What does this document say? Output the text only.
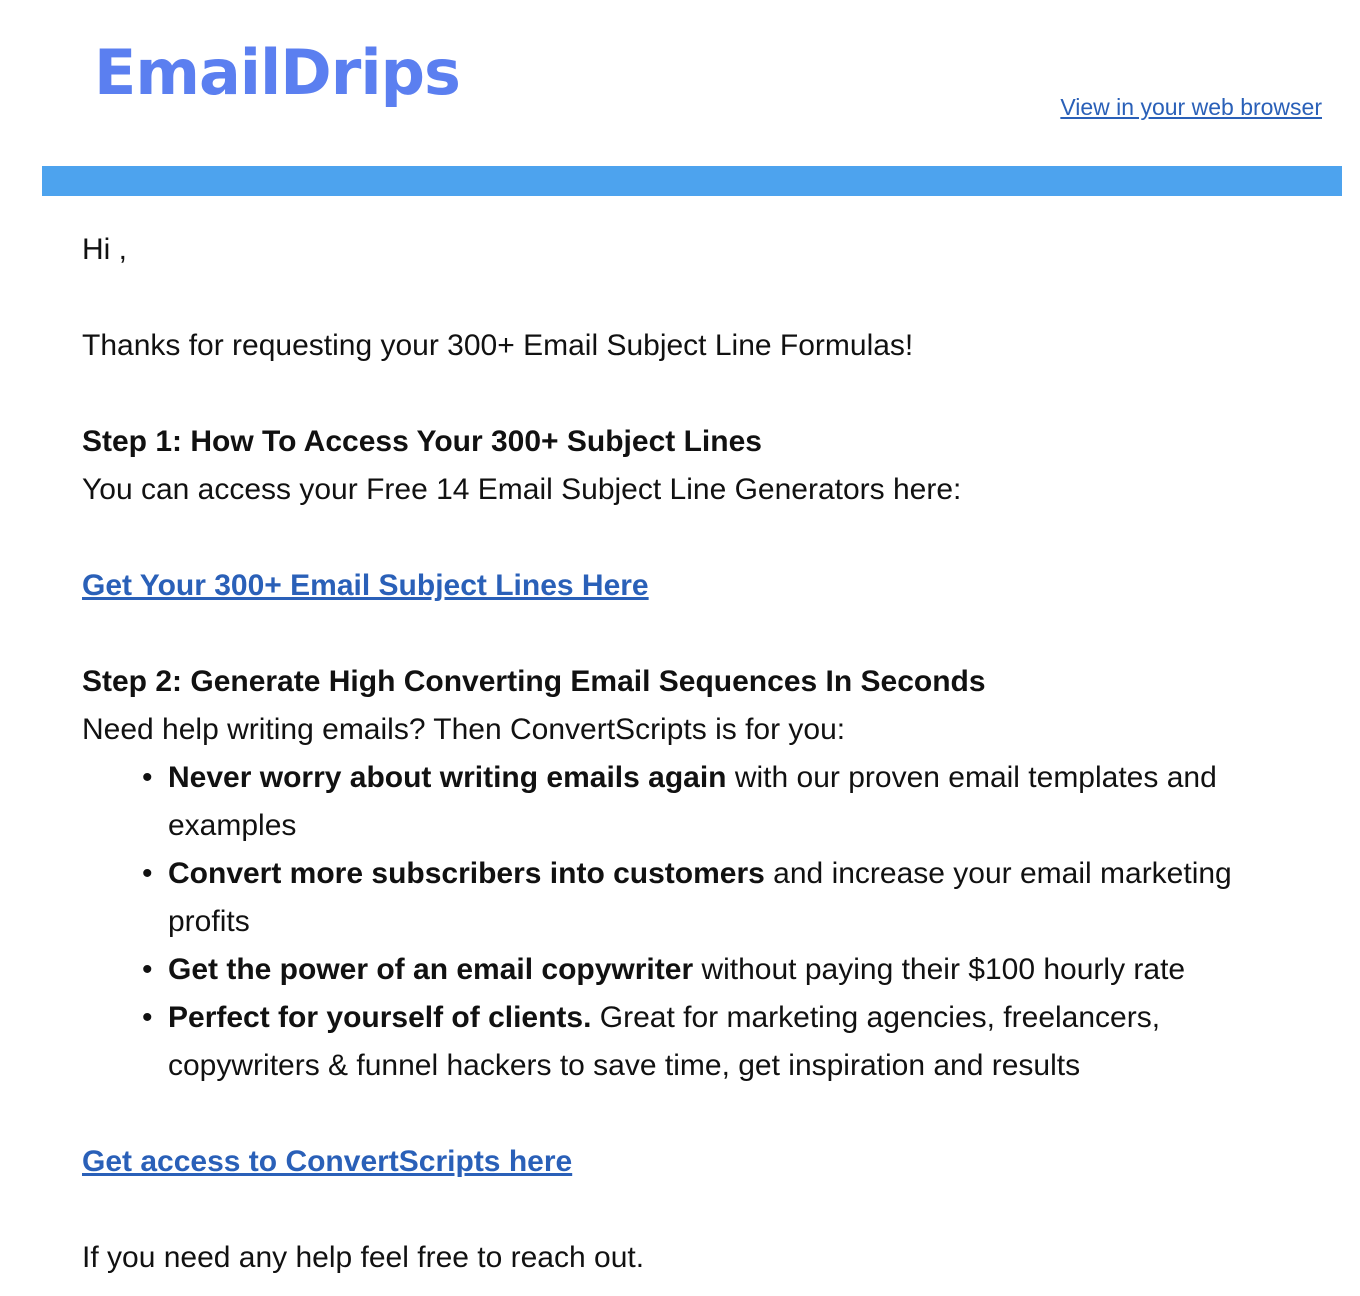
EmailDrips	View in your web browser

Hi ,

Thanks for requesting your 300+ Email Subject Line Formulas!

Step 1: How To Access Your 300+ Subject Lines

You can access your Free 14 Email Subject Line Generators here:

Get Your 300+ Email Subject Lines Here

Step 2: Generate High Converting Email Sequences In Seconds

Need help writing emails? Then ConvertScripts is for you:

• Never worry about writing emails again with our proven email templates and examples
• Convert more subscribers into customers and increase your email marketing profits
• Get the power of an email copywriter without paying their $100 hourly rate
• Perfect for yourself of clients. Great for marketing agencies, freelancers, copywriters & funnel hackers to save time, get inspiration and results

Get access to ConvertScripts here

If you need any help feel free to reach out.
